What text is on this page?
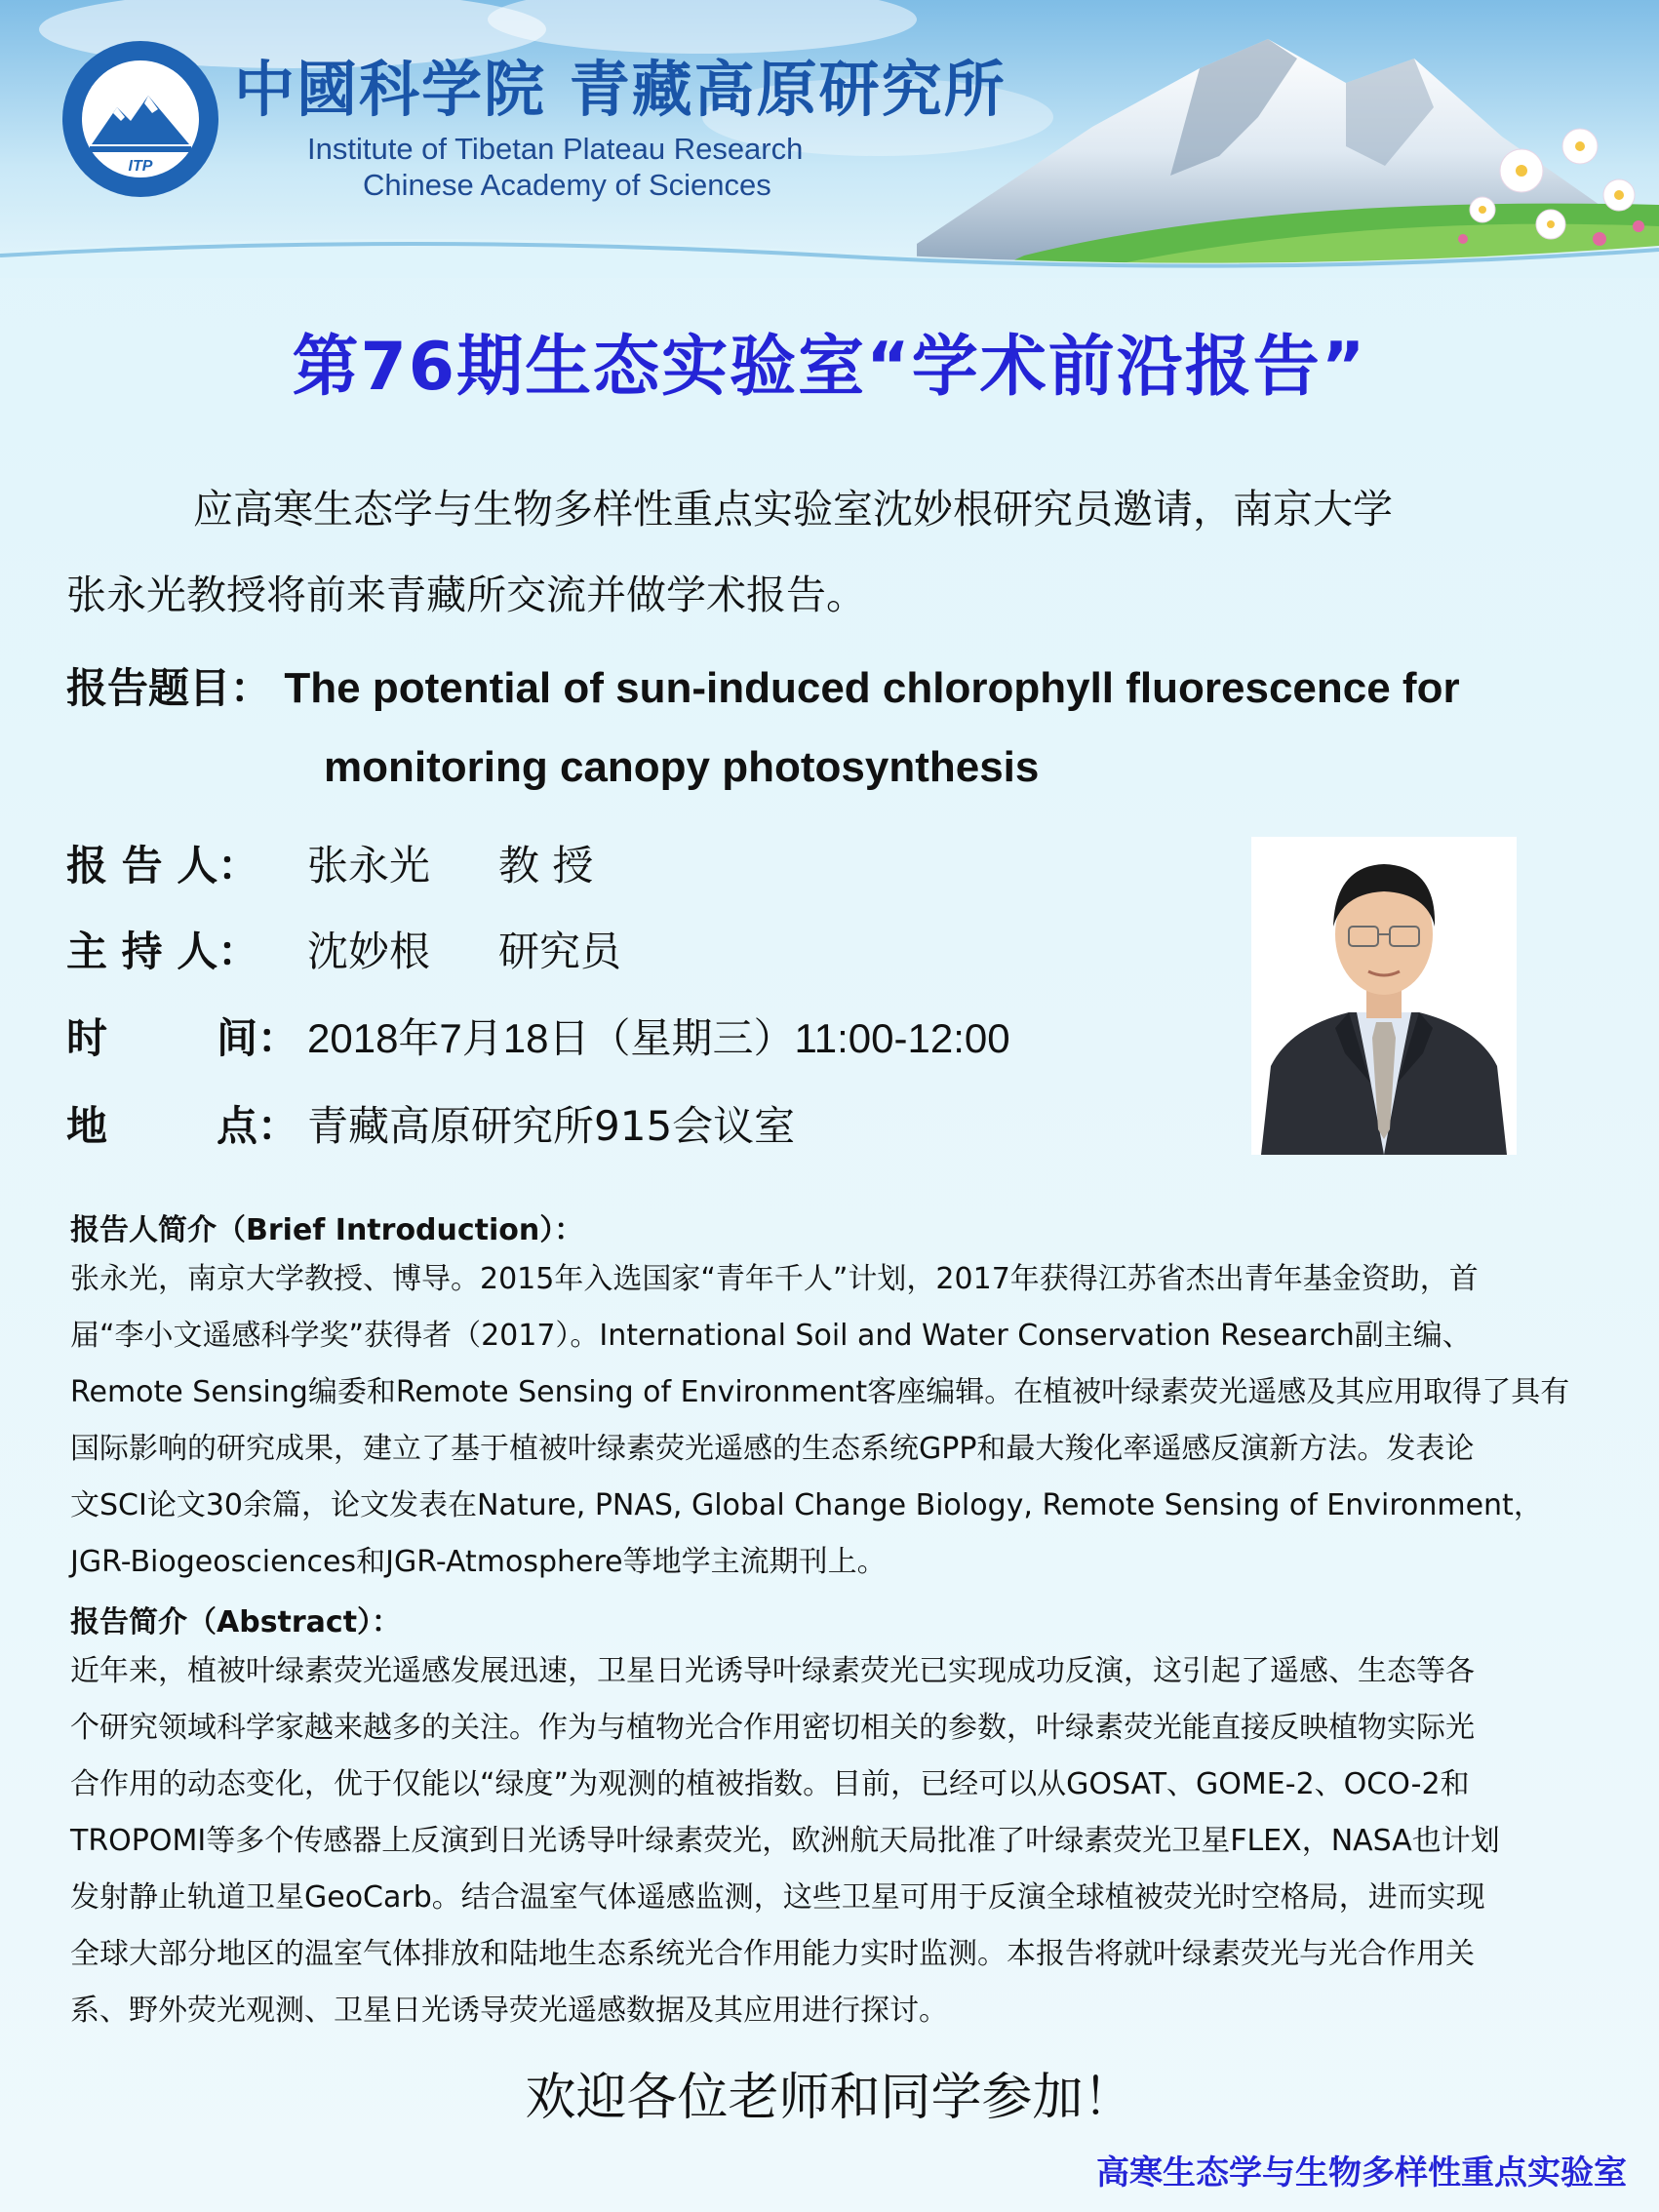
ITP
中國科学院 青藏高原研究所
Institute of Tibetan Plateau Research
Chinese Academy of Sciences
第76期生态实验室“学术前沿报告”

应高寒生态学与生物多样性重点实验室沈妙根研究员邀请，南京大学

张永光教授将前来青藏所交流并做学术报告。

报告题目： The potential of sun-induced chlorophyll fluorescence for
monitoring canopy photosynthesis
报 告 人： 张永光 教 授
主 持 人： 沈妙根 研究员
时	间： 2018年7月18日（星期三）11:00-12:00
地	点： 青藏高原研究所915会议室
报告人简介（Brief Introduction）：

张永光，南京大学教授、博导。2015年入选国家“青年千人”计划，2017年获得江苏省杰出青年基金资助，首
届“李小文遥感科学奖”获得者（2017）。International Soil and Water Conservation Research副主编、
Remote Sensing编委和Remote Sensing of Environment客座编辑。在植被叶绿素荧光遥感及其应用取得了具有
国际影响的研究成果，建立了基于植被叶绿素荧光遥感的生态系统GPP和最大羧化率遥感反演新方法。发表论
文SCI论文30余篇，论文发表在Nature, PNAS, Global Change Biology, Remote Sensing of Environment，
JGR-Biogeosciences和JGR-Atmosphere等地学主流期刊上。

报告简介（Abstract）：

近年来，植被叶绿素荧光遥感发展迅速，卫星日光诱导叶绿素荧光已实现成功反演，这引起了遥感、生态等各
个研究领域科学家越来越多的关注。作为与植物光合作用密切相关的参数，叶绿素荧光能直接反映植物实际光
合作用的动态变化，优于仅能以“绿度”为观测的植被指数。目前，已经可以从GOSAT、GOME-2、OCO-2和
TROPOMI等多个传感器上反演到日光诱导叶绿素荧光，欧洲航天局批准了叶绿素荧光卫星FLEX，NASA也计划
发射静止轨道卫星GeoCarb。结合温室气体遥感监测，这些卫星可用于反演全球植被荧光时空格局，进而实现
全球大部分地区的温室气体排放和陆地生态系统光合作用能力实时监测。本报告将就叶绿素荧光与光合作用关
系、野外荧光观测、卫星日光诱导荧光遥感数据及其应用进行探讨。

欢迎各位老师和同学参加！
高寒生态学与生物多样性重点实验室
